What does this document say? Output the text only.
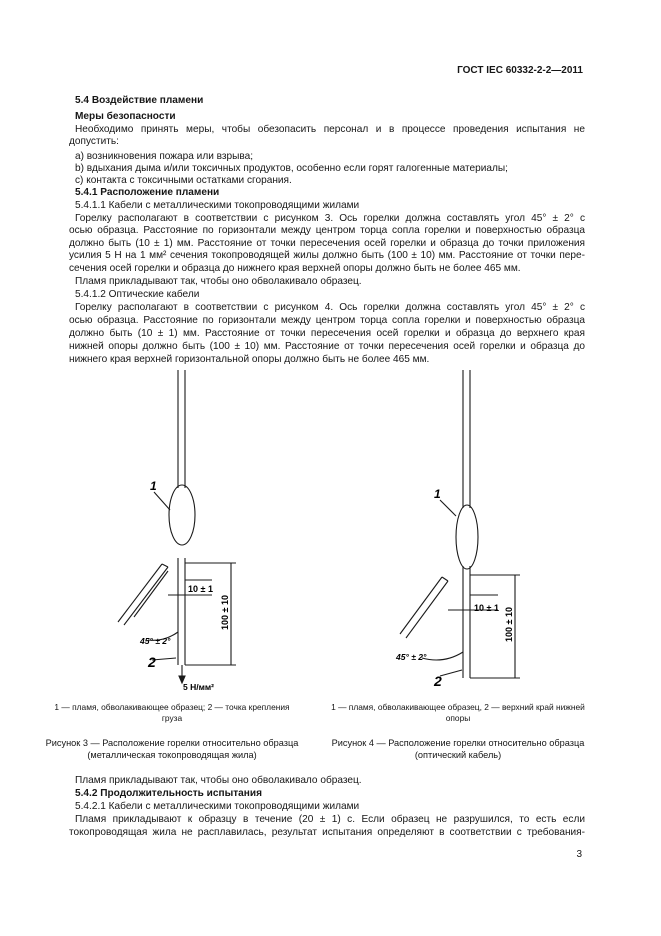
ГОСТ IEC 60332-2-2—2011
5.4 Воздействие пламени
Меры безопасности
Необходимо принять меры, чтобы обезопасить персонал и в процессе проведения испытания не
допустить:
a) возникновения пожара или взрыва;
b) вдыхания дыма и/или токсичных продуктов, особенно если горят галогенные материалы;
c) контакта с токсичными остатками сгорания.
5.4.1 Расположение пламени
5.4.1.1 Кабели с металлическими токопроводящими жилами
Горелку располагают в соответствии с рисунком 3. Ось горелки должна составлять угол 45° ± 2° с
осью образца. Расстояние по горизонтали между центром торца сопла горелки и поверхностью образца
должно быть (10 ± 1) мм. Расстояние от точки пересечения осей горелки и образца до точки приложения
усилия 5 Н на 1 мм² сечения токопроводящей жилы должно быть (100 ± 10) мм. Расстояние от точки пере-
сечения осей горелки и образца до нижнего края верхней опоры должно быть не более 465 мм.
Пламя прикладывают так, чтобы оно обволакивало образец.
5.4.1.2 Оптические кабели
Горелку располагают в соответствии с рисунком 4. Ось горелки должна составлять угол 45° ± 2° с
осью образца. Расстояние по горизонтали между центром торца сопла горелки и поверхностью образца
должно быть (10 ± 1) мм. Расстояние от точки пересечения осей горелки и образца до верхнего края
нижней опоры должно быть (100 ± 10) мм. Расстояние от точки пересечения осей горелки и образца до
нижнего края верхней горизонтальной опоры должно быть не более 465 мм.
1
2
10 ± 1
100 ± 10
45° ± 2°
5 Н/мм²
1
2
10 ± 1 100 ± 10
45° ± 2°
1 — пламя, обволакивающее образец; 2 — точка крепления груза
1 — пламя, обволакивающее образец, 2 — верхний край нижней опоры
Рисунок 3 — Расположение горелки относительно образца (металлическая токопроводящая жила)
Рисунок 4 — Расположение горелки относительно образца (оптический кабель)
Пламя прикладывают так, чтобы оно обволакивало образец.
5.4.2 Продолжительность испытания
5.4.2.1 Кабели с металлическими токопроводящими жилами
Пламя прикладывают к образцу в течение (20 ± 1) с. Если образец не разрушился, то есть если
токопроводящая жила не расплавилась, результат испытания определяют в соответствии с требования-
3
